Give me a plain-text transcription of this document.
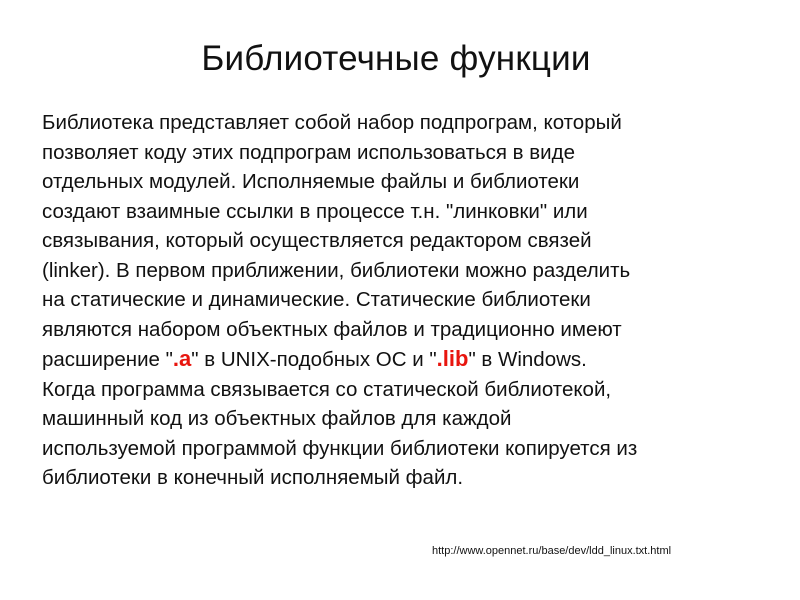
Библиотечные функции
Библиотека представляет собой набор подпрограм, который
позволяет коду этих подпрограм использоваться в виде
отдельных модулей. Исполняемые файлы и библиотеки
создают взаимные ссылки в процессе т.н. "линковки" или
связывания, который осуществляется редактором связей
(linker). В первом приближении, библиотеки можно разделить
на статические и динамические. Статические библиотеки
являются набором объектных файлов и традиционно имеют
расширение ".a" в UNIX-подобных ОС и ".lib" в Windows.
Когда программа связывается со статической библиотекой,
машинный код из объектных файлов для каждой
используемой программой функции библиотеки копируется из
библиотеки в конечный исполняемый файл.
http://www.opennet.ru/base/dev/ldd_linux.txt.html
